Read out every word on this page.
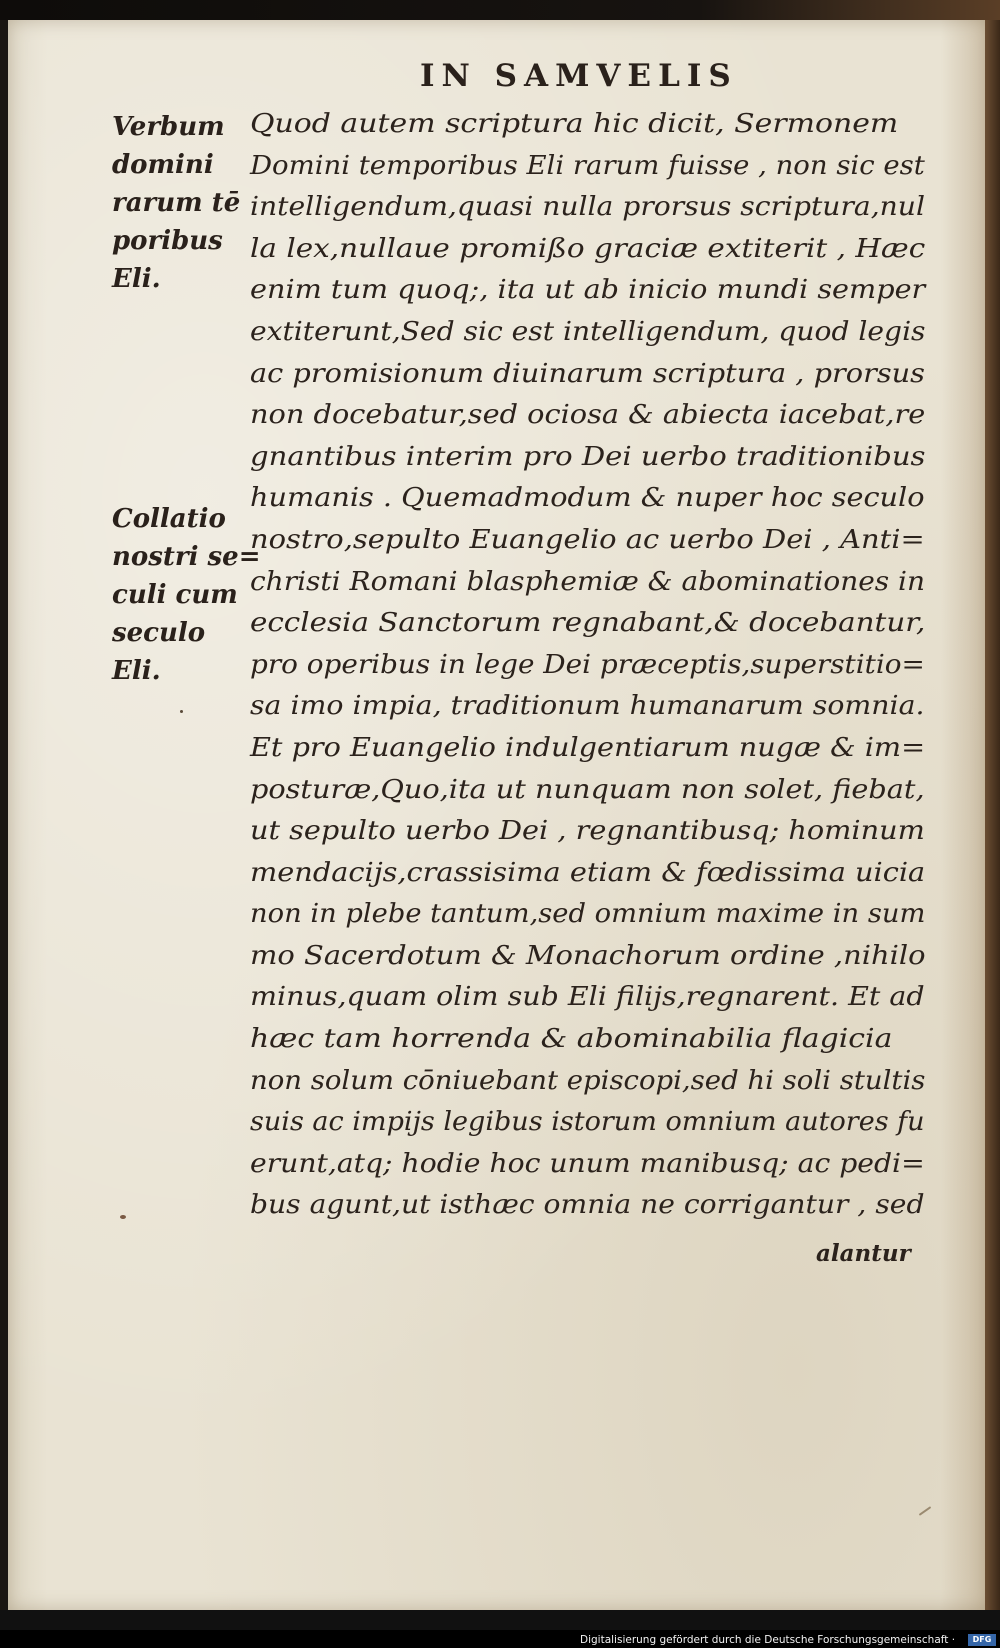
IN SAMVELIS
Verbum
domini
rarum tē
poribus
Eli.
Collatio
nostri se=
culi cum
seculo
Eli.
Quod autem scriptura hic dicit, Sermonem
Domini temporibus Eli rarum fuisse , non sic est
intelligendum,quasi nulla prorsus scriptura,nul
la lex,nullaue promißo graciæ extiterit , Hæc
enim tum quoq;, ita ut ab inicio mundi semper
extiterunt,Sed sic est intelligendum, quod legis
ac promisionum diuinarum scriptura , prorsus
non docebatur,sed ociosa & abiecta iacebat,re
gnantibus interim pro Dei uerbo traditionibus
humanis . Quemadmodum & nuper hoc seculo
nostro,sepulto Euangelio ac uerbo Dei , Anti=
christi Romani blasphemiæ & abominationes in
ecclesia Sanctorum regnabant,& docebantur,
pro operibus in lege Dei præceptis,superstitio=
sa imo impia, traditionum humanarum somnia.
Et pro Euangelio indulgentiarum nugæ & im=
posturæ,Quo,ita ut nunquam non solet, fiebat,
ut sepulto uerbo Dei , regnantibusq; hominum
mendacijs,crassisima etiam & fœdissima uicia
non in plebe tantum,sed omnium maxime in sum
mo Sacerdotum & Monachorum ordine ,nihilo
minus,quam olim sub Eli filijs,regnarent. Et ad
hæc tam horrenda & abominabilia flagicia
non solum cōniuebant episcopi,sed hi soli stultis
suis ac impijs legibus istorum omnium autores fu
erunt,atq; hodie hoc unum manibusq; ac pedi=
bus agunt,ut isthæc omnia ne corrigantur , sed

alantur

Digitalisierung gefördert durch die Deutsche Forschungsgemeinschaft ·	DFG
